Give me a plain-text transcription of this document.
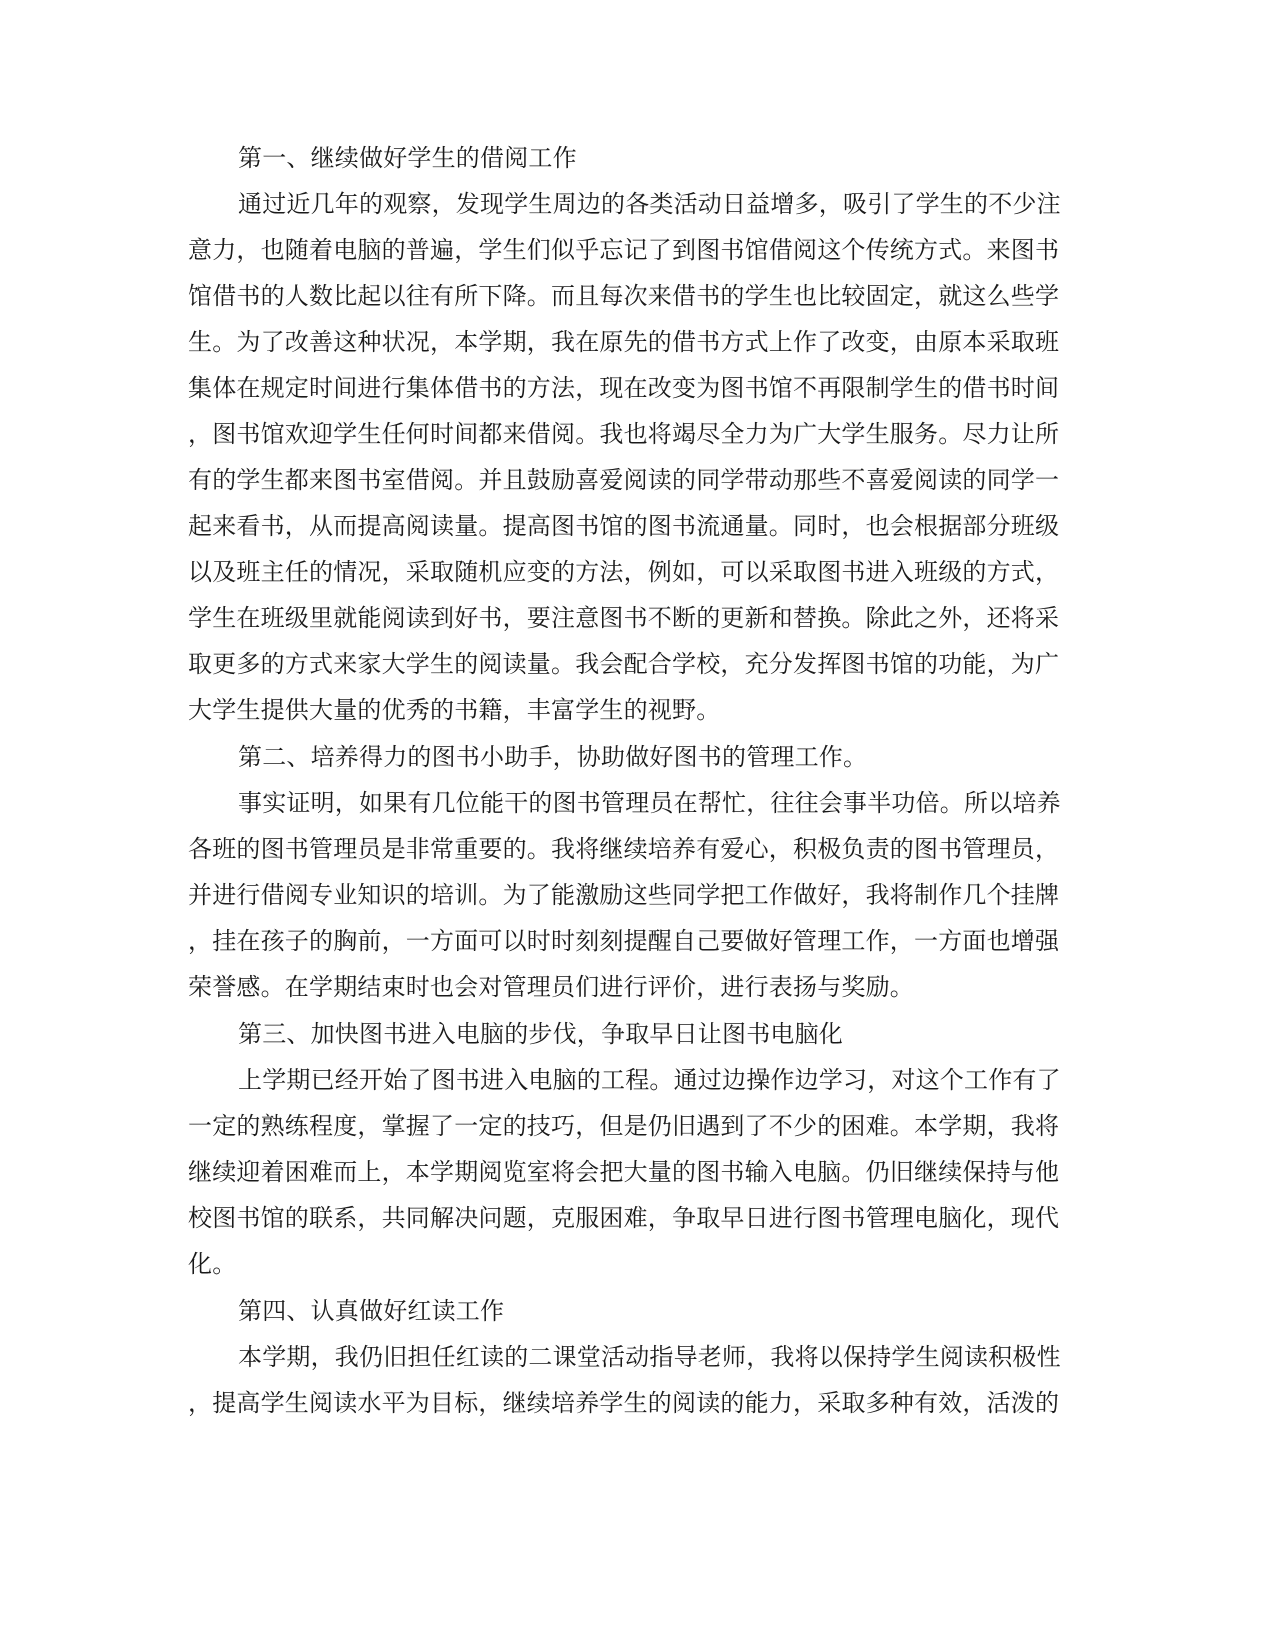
第一、继续做好学生的借阅工作
通过近几年的观察，发现学生周边的各类活动日益增多，吸引了学生的不少注
意力，也随着电脑的普遍，学生们似乎忘记了到图书馆借阅这个传统方式。来图书
馆借书的人数比起以往有所下降。而且每次来借书的学生也比较固定，就这么些学
生。为了改善这种状况，本学期，我在原先的借书方式上作了改变，由原本采取班
集体在规定时间进行集体借书的方法，现在改变为图书馆不再限制学生的借书时间
，图书馆欢迎学生任何时间都来借阅。我也将竭尽全力为广大学生服务。尽力让所
有的学生都来图书室借阅。并且鼓励喜爱阅读的同学带动那些不喜爱阅读的同学一
起来看书，从而提高阅读量。提高图书馆的图书流通量。同时，也会根据部分班级
以及班主任的情况，采取随机应变的方法，例如，可以采取图书进入班级的方式，
学生在班级里就能阅读到好书，要注意图书不断的更新和替换。除此之外，还将采
取更多的方式来家大学生的阅读量。我会配合学校，充分发挥图书馆的功能，为广
大学生提供大量的优秀的书籍，丰富学生的视野。
第二、培养得力的图书小助手，协助做好图书的管理工作。
事实证明，如果有几位能干的图书管理员在帮忙，往往会事半功倍。所以培养
各班的图书管理员是非常重要的。我将继续培养有爱心，积极负责的图书管理员，
并进行借阅专业知识的培训。为了能激励这些同学把工作做好，我将制作几个挂牌
，挂在孩子的胸前，一方面可以时时刻刻提醒自己要做好管理工作，一方面也增强
荣誉感。在学期结束时也会对管理员们进行评价，进行表扬与奖励。
第三、加快图书进入电脑的步伐，争取早日让图书电脑化
上学期已经开始了图书进入电脑的工程。通过边操作边学习，对这个工作有了
一定的熟练程度，掌握了一定的技巧，但是仍旧遇到了不少的困难。本学期，我将
继续迎着困难而上，本学期阅览室将会把大量的图书输入电脑。仍旧继续保持与他
校图书馆的联系，共同解决问题，克服困难，争取早日进行图书管理电脑化，现代
化。
第四、认真做好红读工作
本学期，我仍旧担任红读的二课堂活动指导老师，我将以保持学生阅读积极性
，提高学生阅读水平为目标，继续培养学生的阅读的能力，采取多种有效，活泼的
